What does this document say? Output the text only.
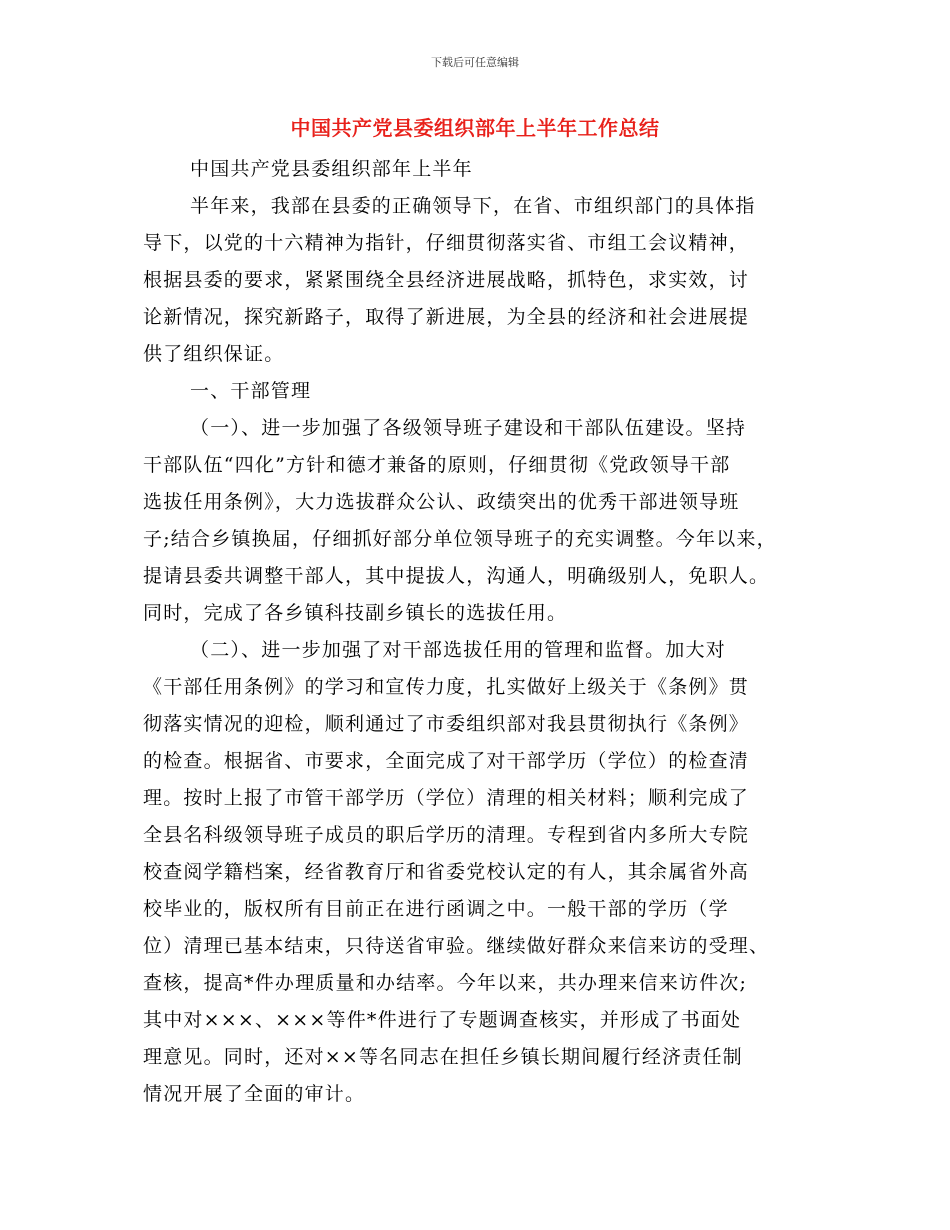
下载后可任意编辑
中国共产党县委组织部年上半年工作总结
中国共产党县委组织部年上半年
半年来，我部在县委的正确领导下，在省、市组织部门的具体指
导下，以党的十六精神为指针，仔细贯彻落实省、市组工会议精神，
根据县委的要求，紧紧围绕全县经济进展战略，抓特色，求实效，讨
论新情况，探究新路子，取得了新进展，为全县的经济和社会进展提
供了组织保证。
一、干部管理
（一）、进一步加强了各级领导班子建设和干部队伍建设。坚持
干部队伍“四化”方针和德才兼备的原则，仔细贯彻《党政领导干部
选拔任用条例》，大力选拔群众公认、政绩突出的优秀干部进领导班
子;结合乡镇换届，仔细抓好部分单位领导班子的充实调整。今年以来，
提请县委共调整干部人，其中提拔人，沟通人，明确级别人，免职人。
同时，完成了各乡镇科技副乡镇长的选拔任用。
（二）、进一步加强了对干部选拔任用的管理和监督。加大对
《干部任用条例》的学习和宣传力度，扎实做好上级关于《条例》贯
彻落实情况的迎检，顺利通过了市委组织部对我县贯彻执行《条例》
的检查。根据省、市要求，全面完成了对干部学历（学位）的检查清
理。按时上报了市管干部学历（学位）清理的相关材料；顺利完成了
全县名科级领导班子成员的职后学历的清理。专程到省内多所大专院
校查阅学籍档案，经省教育厅和省委党校认定的有人，其余属省外高
校毕业的，版权所有目前正在进行函调之中。一般干部的学历（学
位）清理已基本结束，只待送省审验。继续做好群众来信来访的受理、
查核，提高*件办理质量和办结率。今年以来，共办理来信来访件次;
其中对×××、×××等件*件进行了专题调查核实，并形成了书面处
理意见。同时，还对××等名同志在担任乡镇长期间履行经济责任制
情况开展了全面的审计。
